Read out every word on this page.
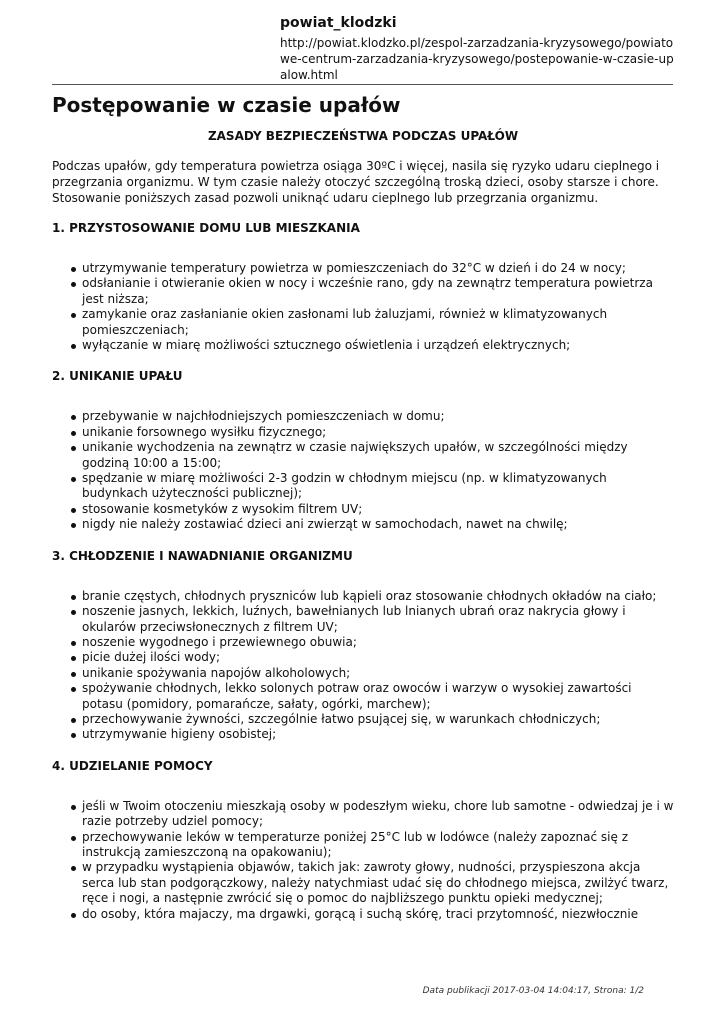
powiat_klodzki
http://powiat.klodzko.pl/zespol-zarzadzania-kryzysowego/powiatowe-centrum-zarzadzania-kryzysowego/postepowanie-w-czasie-upalow.html
Postępowanie w czasie upałów
ZASADY BEZPIECZEŃSTWA PODCZAS UPAŁÓW

Podczas upałów, gdy temperatura powietrza osiąga 30ºC i więcej, nasila się ryzyko udaru cieplnego i przegrzania organizmu. W tym czasie należy otoczyć szczególną troską dzieci, osoby starsze i chore. Stosowanie poniższych zasad pozwoli uniknąć udaru cieplnego lub przegrzania organizmu.

1. PRZYSTOSOWANIE DOMU LUB MIESZKANIA
utrzymywanie temperatury powietrza w pomieszczeniach do 32°C w dzień i do 24 w nocy;
odsłanianie i otwieranie okien w nocy i wcześnie rano, gdy na zewnątrz temperatura powietrza jest niższa;
zamykanie oraz zasłanianie okien zasłonami lub żaluzjami, również w klimatyzowanych pomieszczeniach;
wyłączanie w miarę możliwości sztucznego oświetlenia i urządzeń elektrycznych;
2. UNIKANIE UPAŁU
przebywanie w najchłodniejszych pomieszczeniach w domu;
unikanie forsownego wysiłku fizycznego;
unikanie wychodzenia na zewnątrz w czasie największych upałów, w szczególności między godziną 10:00 a 15:00;
spędzanie w miarę możliwości 2-3 godzin w chłodnym miejscu (np. w klimatyzowanych budynkach użyteczności publicznej);
stosowanie kosmetyków z wysokim filtrem UV;
nigdy nie należy zostawiać dzieci ani zwierząt w samochodach, nawet na chwilę;
3. CHŁODZENIE I NAWADNIANIE ORGANIZMU
branie częstych, chłodnych pryszniców lub kąpieli oraz stosowanie chłodnych okładów na ciało;
noszenie jasnych, lekkich, luźnych, bawełnianych lub lnianych ubrań oraz nakrycia głowy i okularów przeciwsłonecznych z filtrem UV;
noszenie wygodnego i przewiewnego obuwia;
picie dużej ilości wody;
unikanie spożywania napojów alkoholowych;
spożywanie chłodnych, lekko solonych potraw oraz owoców i warzyw o wysokiej zawartości potasu (pomidory, pomarańcze, sałaty, ogórki, marchew);
przechowywanie żywności, szczególnie łatwo psującej się, w warunkach chłodniczych;
utrzymywanie higieny osobistej;
4. UDZIELANIE POMOCY
jeśli w Twoim otoczeniu mieszkają osoby w podeszłym wieku, chore lub samotne - odwiedzaj je i w razie potrzeby udziel pomocy;
przechowywanie leków w temperaturze poniżej 25°C lub w lodówce (należy zapoznać się z instrukcją zamieszczoną na opakowaniu);
w przypadku wystąpienia objawów, takich jak: zawroty głowy, nudności, przyspieszona akcja serca lub stan podgorączkowy, należy natychmiast udać się do chłodnego miejsca, zwilżyć twarz, ręce i nogi, a następnie zwrócić się o pomoc do najbliższego punktu opieki medycznej;
do osoby, która majaczy, ma drgawki, gorącą i suchą skórę, traci przytomność, niezwłocznie
Data publikacji 2017-03-04 14:04:17, Strona: 1/2
